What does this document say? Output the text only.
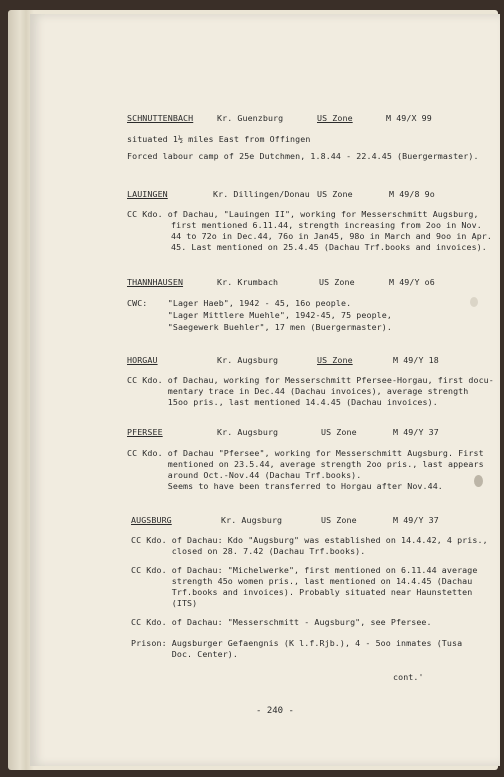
SCHNUTTENBACH	Kr. Guenzburg	US Zone	M 49/X 99
situated 1½ miles East from Offingen
Forced labour camp of 25e Dutchmen, 1.8.44 - 22.4.45 (Buergermaster).
LAUINGEN	Kr. Dillingen/Donau US Zone	M 49/8 9o
CC Kdo. of Dachau, "Lauingen II", working for Messerschmitt Augsburg,
first mentioned 6.11.44, strength increasing from 2oo in Nov.
44 to 72o in Dec.44, 76o in Jan45, 98o in March and 9oo in Apr.
45. Last mentioned on 25.4.45 (Dachau Trf.books and invoices).
THANNHAUSEN	Kr. Krumbach	US Zone	M 49/Y o6
CWC:    "Lager Haeb", 1942 - 45, 16o people.
"Lager Mittlere Muehle", 1942-45, 75 people,
"Saegewerk Buehler", 17 men (Buergermaster).
HORGAU	Kr. Augsburg	US Zone	M 49/Y 18
CC Kdo. of Dachau, working for Messerschmitt Pfersee-Horgau, first docu-
mentary trace in Dec.44 (Dachau invoices), average strength
15oo pris., last mentioned 14.4.45 (Dachau invoices).
PFERSEE	Kr. Augsburg	US Zone	M 49/Y 37
CC Kdo. of Dachau "Pfersee", working for Messerschmitt Augsburg. First
mentioned on 23.5.44, average strength 2oo pris., last appears
around Oct.-Nov.44 (Dachau Trf.books).
Seems to have been transferred to Horgau after Nov.44.
AUGSBURG	Kr. Augsburg	US Zone	M 49/Y 37
CC Kdo. of Dachau: Kdo "Augsburg" was established on 14.4.42, 4 pris.,
closed on 28. 7.42 (Dachau Trf.books).
CC Kdo. of Dachau: "Michelwerke", first mentioned on 6.11.44 average
strength 45o women pris., last mentioned on 14.4.45 (Dachau
Trf.books and invoices). Probably situated near Haunstetten
(ITS)
CC Kdo. of Dachau: "Messerschmitt - Augsburg", see Pfersee.
Prison: Augsburger Gefaengnis (K l.f.Rjb.), 4 - 5oo inmates (Tusa
Doc. Center).
cont.'
- 240 -
